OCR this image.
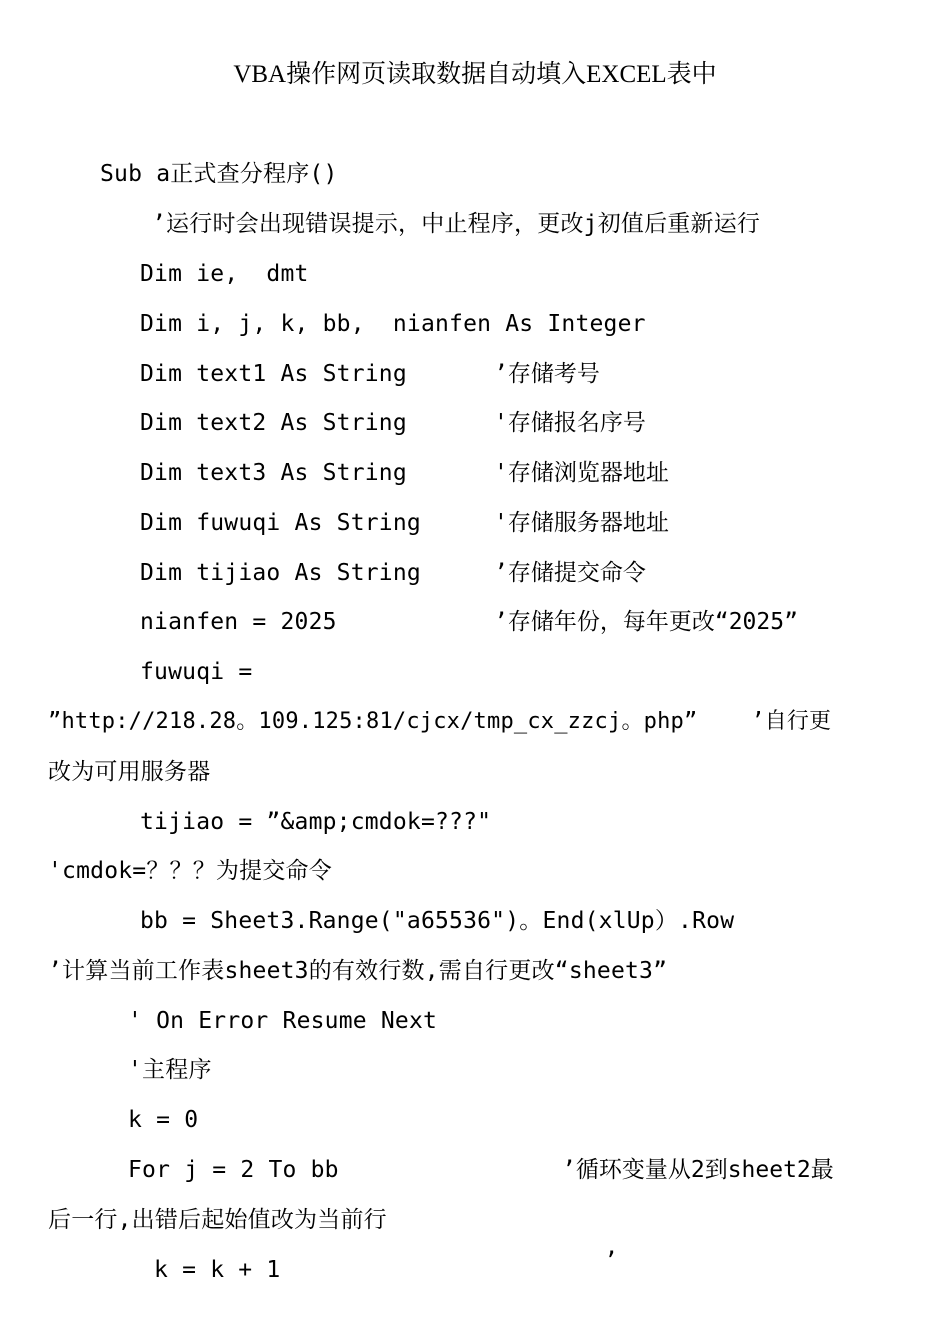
VBA操作网页读取数据自动填入EXCEL表中
Sub a正式查分程序()
’运行时会出现错误提示，中止程序，更改j初值后重新运行
Dim ie,  dmt
Dim i, j, k, bb,  nianfen As Integer
Dim text1 As String	’存储考号
Dim text2 As String	'存储报名序号
Dim text3 As String	'存储浏览器地址
Dim fuwuqi As String	'存储服务器地址
Dim tijiao As String	’存储提交命令
nianfen = 2025	’存储年份，每年更改“2025”
fuwuqi =
”http://218.28。109.125:81/cjcx/tmp_cx_zzcj。php”    ’自行更
改为可用服务器
tijiao = ”&amp;cmdok=???"
'cmdok=？？？为提交命令
bb = Sheet3.Range("a65536")。End(xlUp）.Row
’计算当前工作表sheet3的有效行数,需自行更改“sheet3”
' On Error Resume Next
'主程序
k = 0
For j = 2 To bb	’循环变量从2到sheet2最
后一行,出错后起始值改为当前行
k = k + 1	’
